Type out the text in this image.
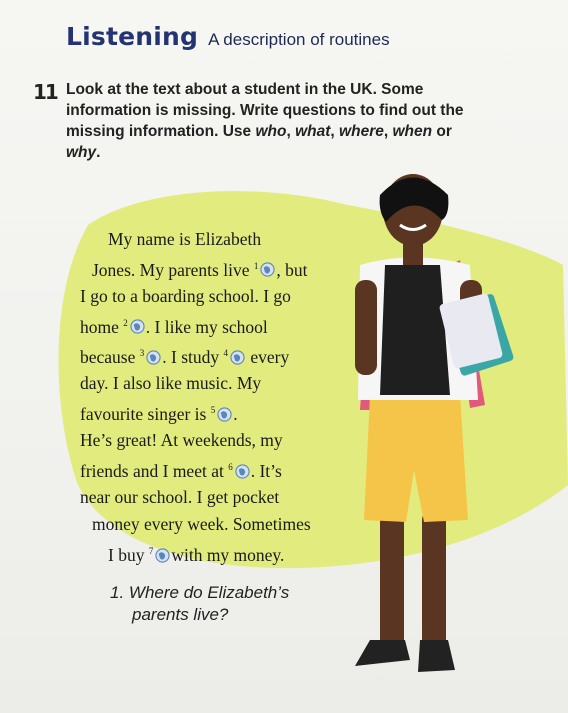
Listening A description of routines
11 Look at the text about a student in the UK. Some information is missing. Write questions to find out the missing information. Use who, what, where, when or why.
My name is Elizabeth
Jones. My parents live $^1$ , but
I go to a boarding school. I go
home $^2$ . I like my school
because $^3$ . I study $^4$ every
day. I also like music. My
favourite singer is $^5$ .
He’s great! At weekends, my
friends and I meet at $^6$ . It’s
near our school. I get pocket
money every week. Sometimes
I buy $^7$ with my money.
1. Where do Elizabeth’s
parents live?
